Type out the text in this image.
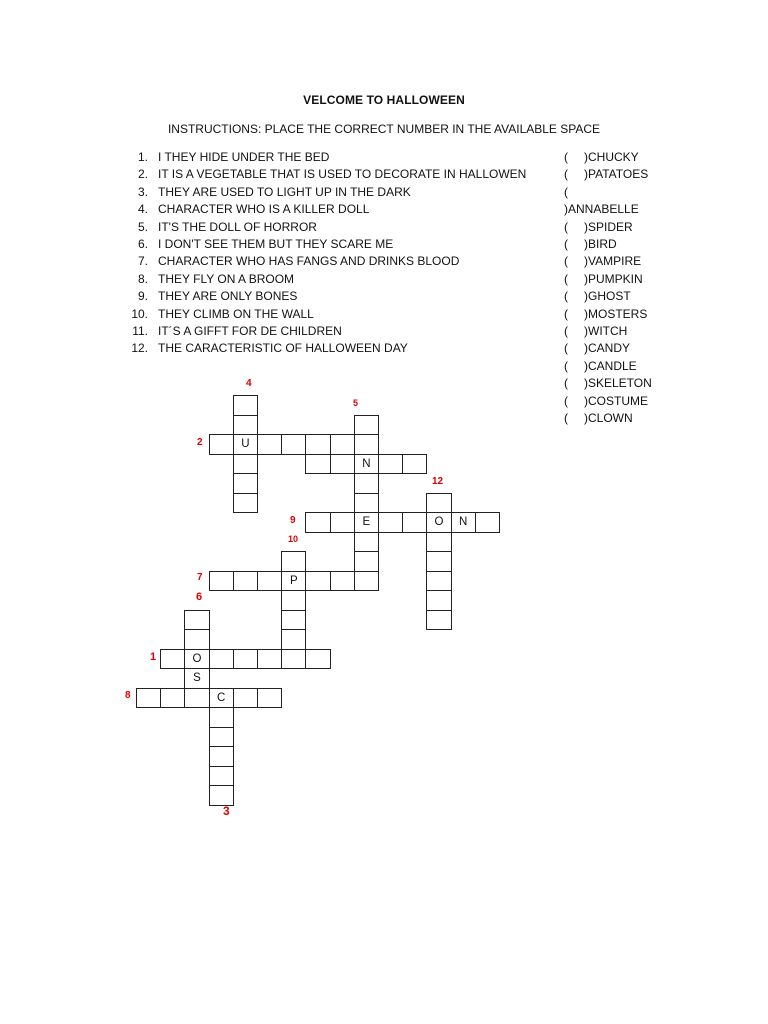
VELCOME TO HALLOWEEN
INSTRUCTIONS: PLACE THE CORRECT NUMBER IN THE AVAILABLE SPACE
1. I THEY HIDE UNDER THE BED
2. IT IS A VEGETABLE THAT IS USED TO DECORATE IN HALLOWEN
3. THEY ARE USED TO LIGHT UP IN THE DARK
4. CHARACTER WHO IS A KILLER DOLL
5. IT'S THE DOLL OF HORROR
6. I DON'T SEE THEM BUT THEY SCARE ME
7. CHARACTER WHO HAS FANGS AND DRINKS BLOOD
8. THEY FLY ON A BROOM
9. THEY ARE ONLY BONES
10. THEY CLIMB ON THE WALL
11. IT´S A GIFFT FOR DE CHILDREN
12. THE CARACTERISTIC OF HALLOWEEN DAY
( )CHUCKY
( )PATATOES
(
)ANNABELLE
( )SPIDER
( )BIRD
( )VAMPIRE
( )PUMPKIN
( )GHOST
( )MOSTERS
( )WITCH
( )CANDY
( )CANDLE
( )SKELETON
( )COSTUME
( )CLOWN
U
N
E	O	N
P
O
S
C
4
5
2
12
9
10
7
6
1
8
3
